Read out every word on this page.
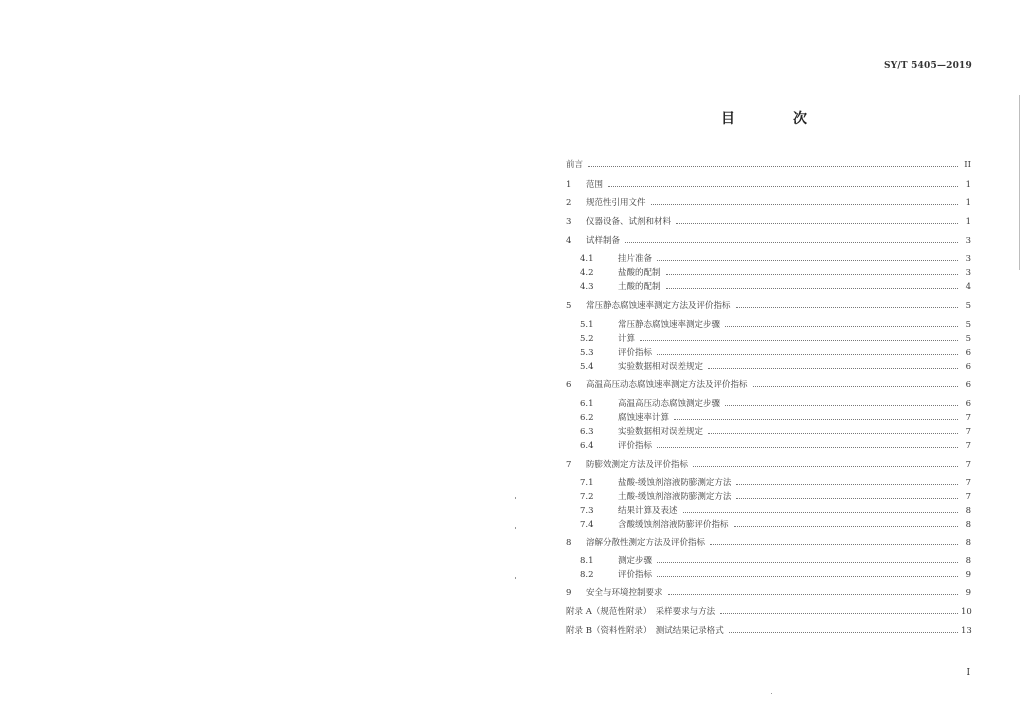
SY/T 5405—2019
目　次
前言	II
1	范围	1
2	规范性引用文件	1
3	仪器设备、试剂和材料	1
4	试样制备	3
4.1	挂片准备	3
4.2	盐酸的配制	3
4.3	土酸的配制	4
5	常压静态腐蚀速率测定方法及评价指标	5
5.1	常压静态腐蚀速率测定步骤	5
5.2	计算	5
5.3	评价指标	6
5.4	实验数据相对误差规定	6
6	高温高压动态腐蚀速率测定方法及评价指标	6
6.1	高温高压动态腐蚀测定步骤	6
6.2	腐蚀速率计算	7
6.3	实验数据相对误差规定	7
6.4	评价指标	7
7	防膨效测定方法及评价指标	7
7.1	盐酸-缓蚀剂溶液防膨测定方法	7
7.2	土酸-缓蚀剂溶液防膨测定方法	7
7.3	结果计算及表述	8
7.4	含酸缓蚀剂溶液防膨评价指标	8
8	溶解分散性测定方法及评价指标	8
8.1	测定步骤	8
8.2	评价指标	9
9	安全与环境控制要求	9
附录 A（规范性附录）　采样要求与方法	10
附录 B（资料性附录）　测试结果记录格式	13
I
